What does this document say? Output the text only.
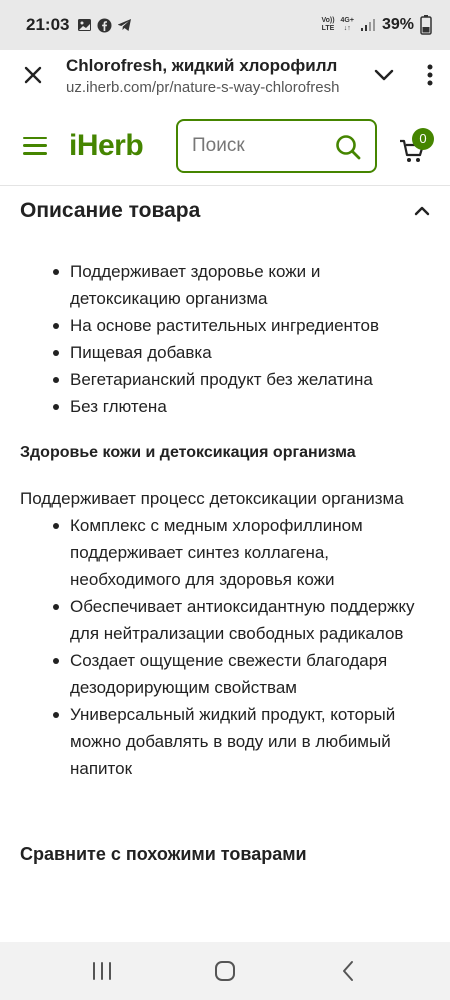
21:03	Vo))
LTE
4G+
↓↑ 39%
Chlorofresh, жидкий хлорофилл
uz.iherb.com/pr/nature-s-way-chlorofresh
iHerb
Поиск	0
Описание товара
Поддерживает здоровье кожи и детоксикацию организма
На основе растительных ингредиентов
Пищевая добавка
Вегетарианский продукт без желатина
Без глютена
Здоровье кожи и детоксикация организма
Поддерживает процесс детоксикации организма
Комплекс с медным хлорофиллином поддерживает синтез коллагена, необходимого для здоровья кожи
Обеспечивает антиоксидантную поддержку для нейтрализации свободных радикалов
Создает ощущение свежести благодаря дезодорирующим свойствам
Универсальный жидкий продукт, который можно добавлять в воду или в любимый напиток
Сравните с похожими товарами
